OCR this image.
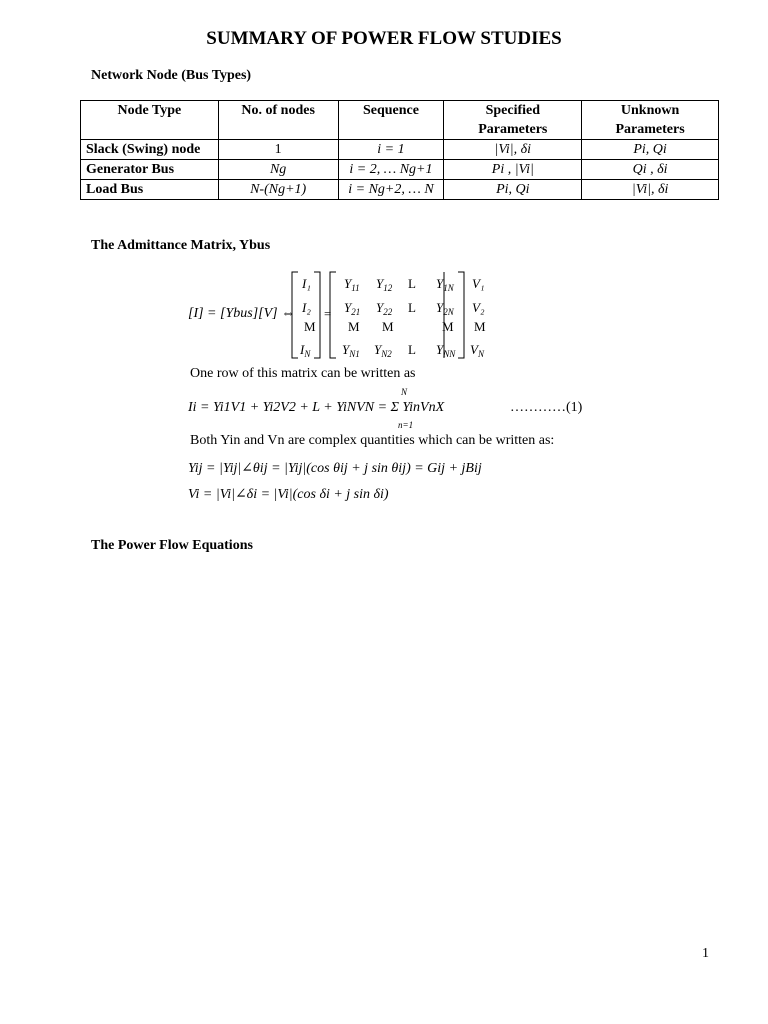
SUMMARY OF POWER FLOW STUDIES
Network Node (Bus Types)
Node Type	No. of nodes	Sequence	Specified Parameters	Unknown Parameters
Slack (Swing) node	1	i = 1	|Vi|, δi	Pi, Qi
Generator Bus	Ng	i = 2, … Ng+1	Pi , |Vi|	Qi , δi
Load Bus	N-(Ng+1)	i = Ng+2, … N	Pi, Qi	|Vi|, δi
The Admittance Matrix, Ybus
[I] = [Ybus][V] ⇔
I₁
I₂
M
$I_N$
$Y_{11}$ $Y_{12}$ L $Y_{1N}$
$Y_{21}$ $Y_{22}$ L $Y_{2N}$
M M	M
$Y_{N1}$ $Y_{N2}$ L $Y_{NN}$
V₁
V₂
M
$V_N$
=
N
n=1
One row of this matrix can be written as
Ii = Yi1V1 + Yi2V2 + L + YiNVN = Σ YinVnX	…………(1)
Both Yin and Vn are complex quantities which can be written as:
Yij = |Yij|∠θij = |Yij|(cos θij + j sin θij) = Gij + jBij
Vi = |Vi|∠δi = |Vi|(cos δi + j sin δi)
The Power Flow Equations
1
